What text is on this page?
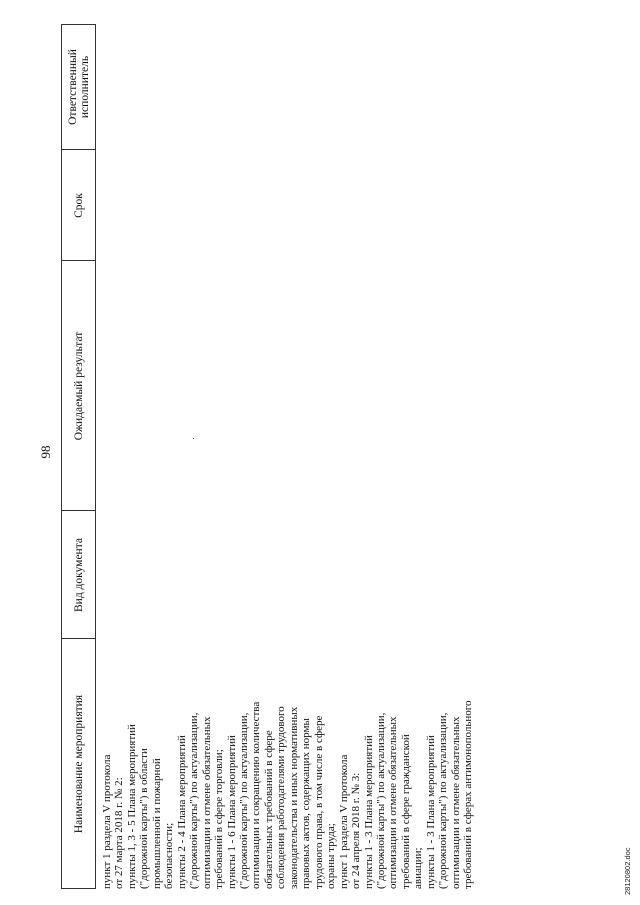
98
Наименование мероприятия
Вид документа
Ожидаемый результат
Срок
Ответственный исполнитель
пункт 1 раздела V протокола от 27 марта 2018 г. № 2: пункты 1, 3 - 5 Плана мероприятий ("дорожной карты") в области промышленной и пожарной безопасности; пункты 2 - 4 Плана мероприятий ("дорожной карты") по актуализации, оптимизации и отмене обязательных требований в сфере торговли; пункты 1 - 6 Плана мероприятий ("дорожной карты") по актуализации, оптимизации и сокращению количества обязательных требований в сфере соблюдения работодателями трудового законодательства и иных нормативных правовых актов, содержащих нормы трудового права, в том числе в сфере охраны труда; пункт 1 раздела V протокола от 24 апреля 2018 г. № 3: пункты 1 - 3 Плана мероприятий ("дорожной карты") по актуализации, оптимизации и отмене обязательных требований в сфере гражданской авиации; пункты 1 - 3 Плана мероприятий ("дорожной карты") по актуализации, оптимизации и отмене обязательных требований в сферах антимонопольного	28120802.doc
